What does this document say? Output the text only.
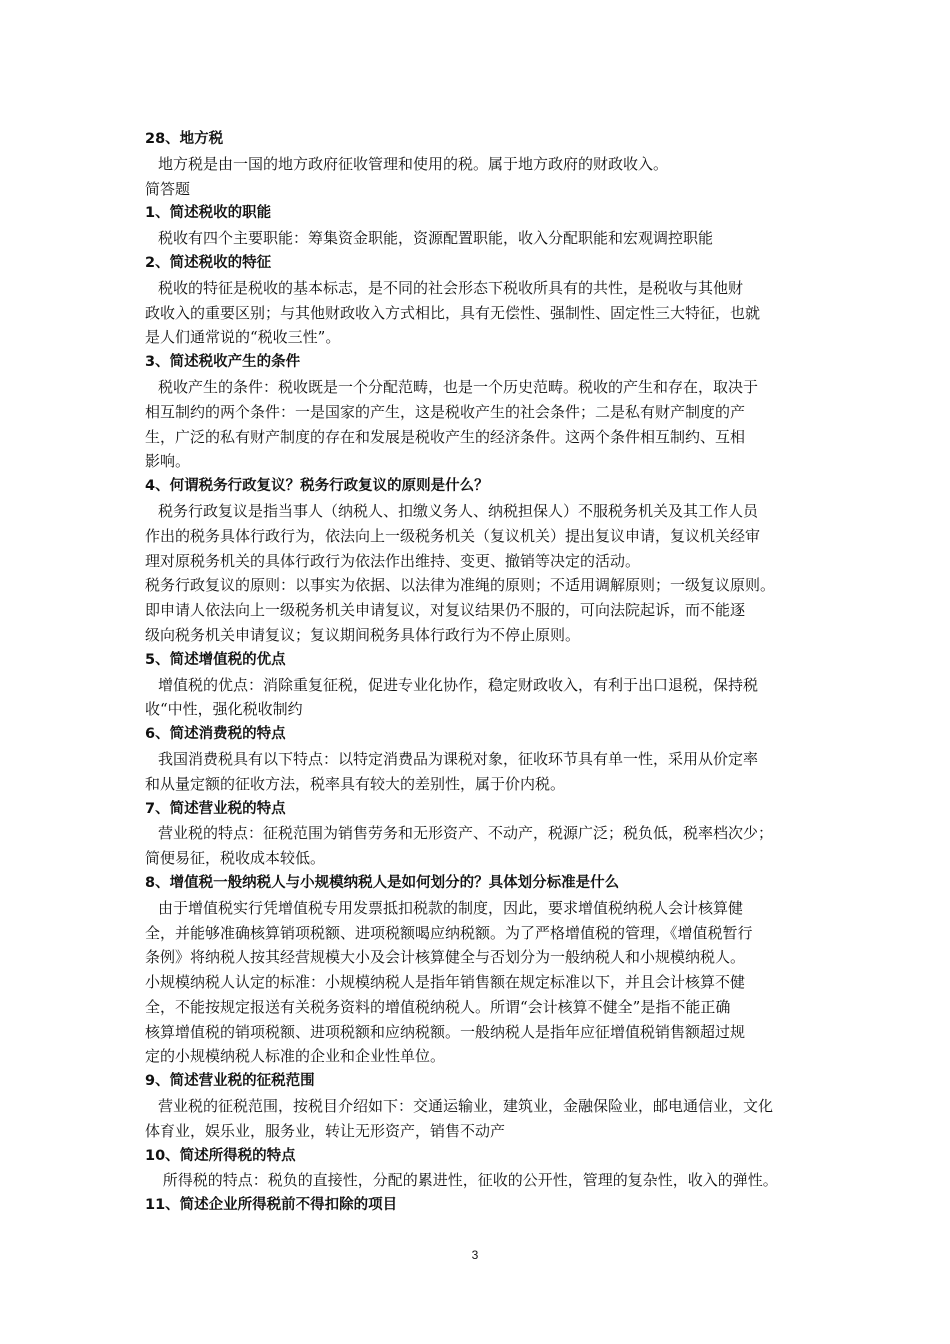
28、地方税
地方税是由一国的地方政府征收管理和使用的税。属于地方政府的财政收入。
简答题
1、简述税收的职能
税收有四个主要职能：筹集资金职能，资源配置职能，收入分配职能和宏观调控职能
2、简述税收的特征
税收的特征是税收的基本标志，是不同的社会形态下税收所具有的共性，是税收与其他财
政收入的重要区别；与其他财政收入方式相比，具有无偿性、强制性、固定性三大特征，也就
是人们通常说的“税收三性”。
3、简述税收产生的条件
税收产生的条件：税收既是一个分配范畴，也是一个历史范畴。税收的产生和存在，取决于
相互制约的两个条件：一是国家的产生，这是税收产生的社会条件；二是私有财产制度的产
生，广泛的私有财产制度的存在和发展是税收产生的经济条件。这两个条件相互制约、互相
影响。
4、何谓税务行政复议？税务行政复议的原则是什么？
税务行政复议是指当事人（纳税人、扣缴义务人、纳税担保人）不服税务机关及其工作人员
作出的税务具体行政行为，依法向上一级税务机关（复议机关）提出复议申请，复议机关经审
理对原税务机关的具体行政行为依法作出维持、变更、撤销等决定的活动。
税务行政复议的原则：以事实为依据、以法律为准绳的原则；不适用调解原则；一级复议原则。
即申请人依法向上一级税务机关申请复议，对复议结果仍不服的，可向法院起诉，而不能逐
级向税务机关申请复议；复议期间税务具体行政行为不停止原则。
5、简述增值税的优点
增值税的优点：消除重复征税，促进专业化协作，稳定财政收入，有利于出口退税，保持税
收“中性，强化税收制约
6、简述消费税的特点
我国消费税具有以下特点：以特定消费品为课税对象，征收环节具有单一性，采用从价定率
和从量定额的征收方法，税率具有较大的差别性，属于价内税。
7、简述营业税的特点
营业税的特点：征税范围为销售劳务和无形资产、不动产，税源广泛；税负低，税率档次少；
简便易征，税收成本较低。
8、增值税一般纳税人与小规模纳税人是如何划分的？具体划分标准是什么
由于增值税实行凭增值税专用发票抵扣税款的制度，因此，要求增值税纳税人会计核算健
全，并能够准确核算销项税额、进项税额喝应纳税额。为了严格增值税的管理，《增值税暂行
条例》将纳税人按其经营规模大小及会计核算健全与否划分为一般纳税人和小规模纳税人。
小规模纳税人认定的标准：小规模纳税人是指年销售额在规定标准以下，并且会计核算不健
全，不能按规定报送有关税务资料的增值税纳税人。所谓“会计核算不健全”是指不能正确
核算增值税的销项税额、进项税额和应纳税额。一般纳税人是指年应征增值税销售额超过规
定的小规模纳税人标准的企业和企业性单位。
9、简述营业税的征税范围
营业税的征税范围，按税目介绍如下：交通运输业，建筑业，金融保险业，邮电通信业，文化
体育业，娱乐业，服务业，转让无形资产，销售不动产
10、简述所得税的特点
所得税的特点：税负的直接性，分配的累进性，征收的公开性，管理的复杂性，收入的弹性。
11、简述企业所得税前不得扣除的项目
3
